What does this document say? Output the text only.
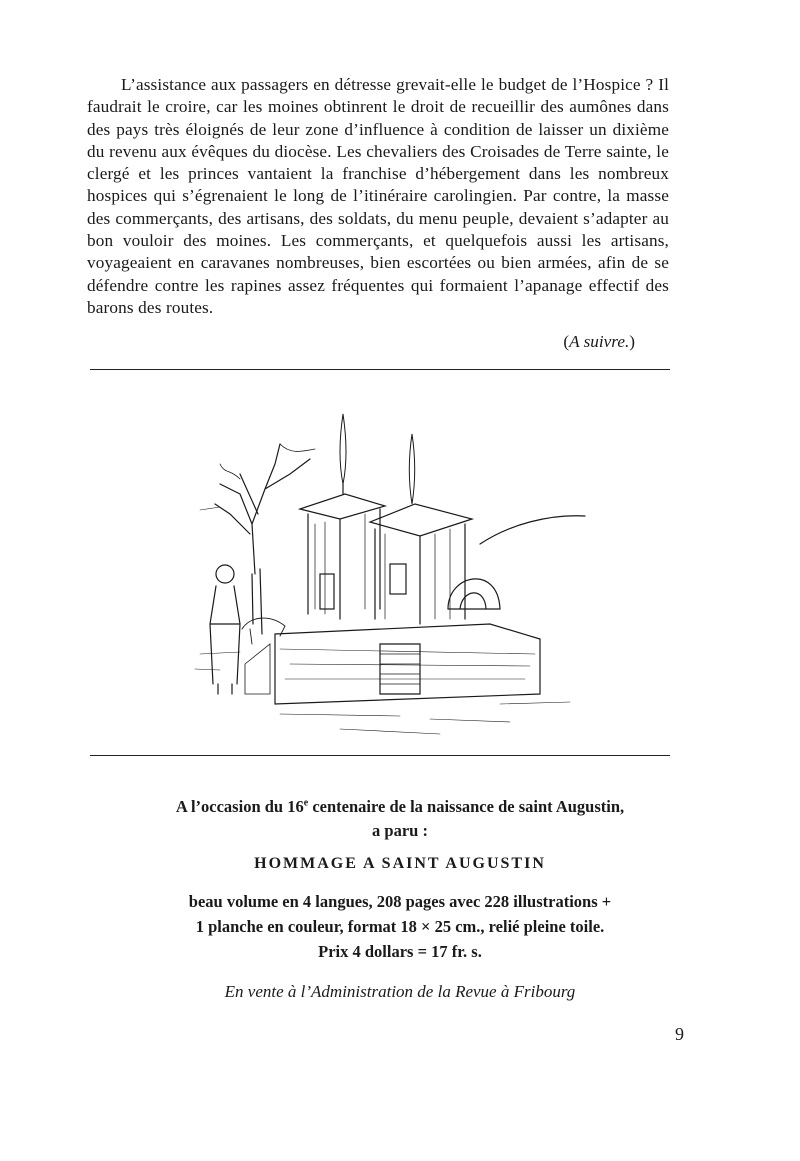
L’assistance aux passagers en détresse grevait-elle le budget de l’Hospice ? Il faudrait le croire, car les moines obtinrent le droit de recueillir des aumônes dans des pays très éloignés de leur zone d’influence à condition de laisser un dixième du revenu aux évêques du diocèse. Les chevaliers des Croisades de Terre sainte, le clergé et les princes vantaient la franchise d’hébergement dans les nombreux hospices qui s’égrenaient le long de l’itinéraire carolingien. Par contre, la masse des commerçants, des artisans, des soldats, du menu peuple, devaient s’adapter au bon vouloir des moines. Les commerçants, et quelquefois aussi les artisans, voyageaient en caravanes nombreuses, bien escortées ou bien armées, afin de se défendre contre les rapines assez fréquentes qui formaient l’apanage effectif des barons des routes.

(A suivre.)
A l’occasion du 16e centenaire de la naissance de saint Augustin,
a paru :
HOMMAGE A SAINT AUGUSTIN
beau volume en 4 langues, 208 pages avec 228 illustrations +
1 planche en couleur, format 18 × 25 cm., relié pleine toile.
Prix 4 dollars = 17 fr. s.
En vente à l’Administration de la Revue à Fribourg
9
